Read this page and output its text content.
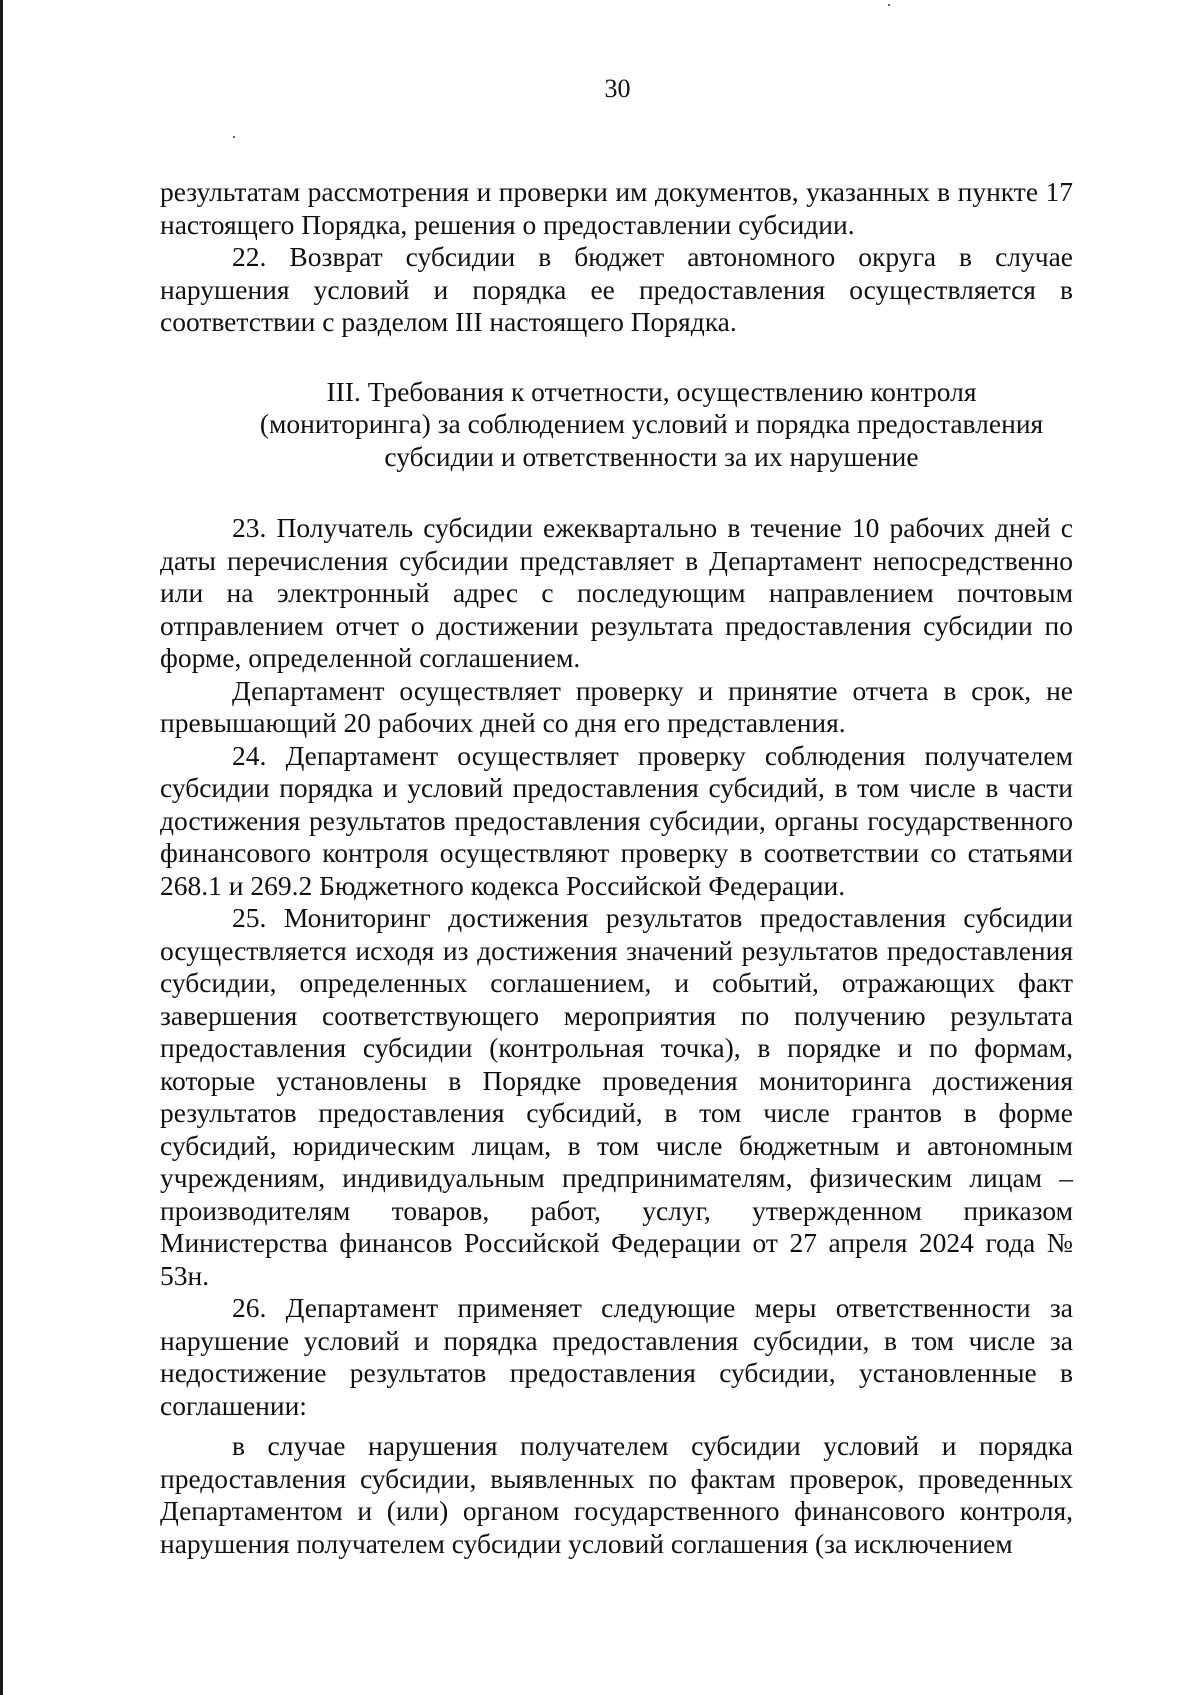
30

результатам рассмотрения и проверки им документов, указанных в пункте 17 настоящего Порядка, решения о предоставлении субсидии.

22. Возврат субсидии в бюджет автономного округа в случае нарушения условий и порядка ее предоставления осуществляется в соответствии с разделом III настоящего Порядка.

III. Требования к отчетности, осуществлению контроля
(мониторинга) за соблюдением условий и порядка предоставления
субсидии и ответственности за их нарушение

23. Получатель субсидии ежеквартально в течение 10 рабочих дней с даты перечисления субсидии представляет в Департамент непосредственно или на электронный адрес с последующим направлением почтовым отправлением отчет о достижении результата предоставления субсидии по форме, определенной соглашением.

Департамент осуществляет проверку и принятие отчета в срок, не превышающий 20 рабочих дней со дня его представления.

24. Департамент осуществляет проверку соблюдения получателем субсидии порядка и условий предоставления субсидий, в том числе в части достижения результатов предоставления субсидии, органы государственного финансового контроля осуществляют проверку в соответствии со статьями 268.1 и 269.2 Бюджетного кодекса Российской Федерации.

25. Мониторинг достижения результатов предоставления субсидии осуществляется исходя из достижения значений результатов предоставления субсидии, определенных соглашением, и событий, отражающих факт завершения соответствующего мероприятия по получению результата предоставления субсидии (контрольная точка), в порядке и по формам, которые установлены в Порядке проведения мониторинга достижения результатов предоставления субсидий, в том числе грантов в форме субсидий, юридическим лицам, в том числе бюджетным и автономным учреждениям, индивидуальным предпринимателям, физическим лицам – производителям товаров, работ, услуг, утвержденном приказом Министерства финансов Российской Федерации от 27 апреля 2024 года № 53н.

26. Департамент применяет следующие меры ответственности за нарушение условий и порядка предоставления субсидии, в том числе за недостижение результатов предоставления субсидии, установленные в соглашении:

в случае нарушения получателем субсидии условий и порядка предоставления субсидии, выявленных по фактам проверок, проведенных Департаментом и (или) органом государственного финансового контроля, нарушения получателем субсидии условий соглашения (за исключением
